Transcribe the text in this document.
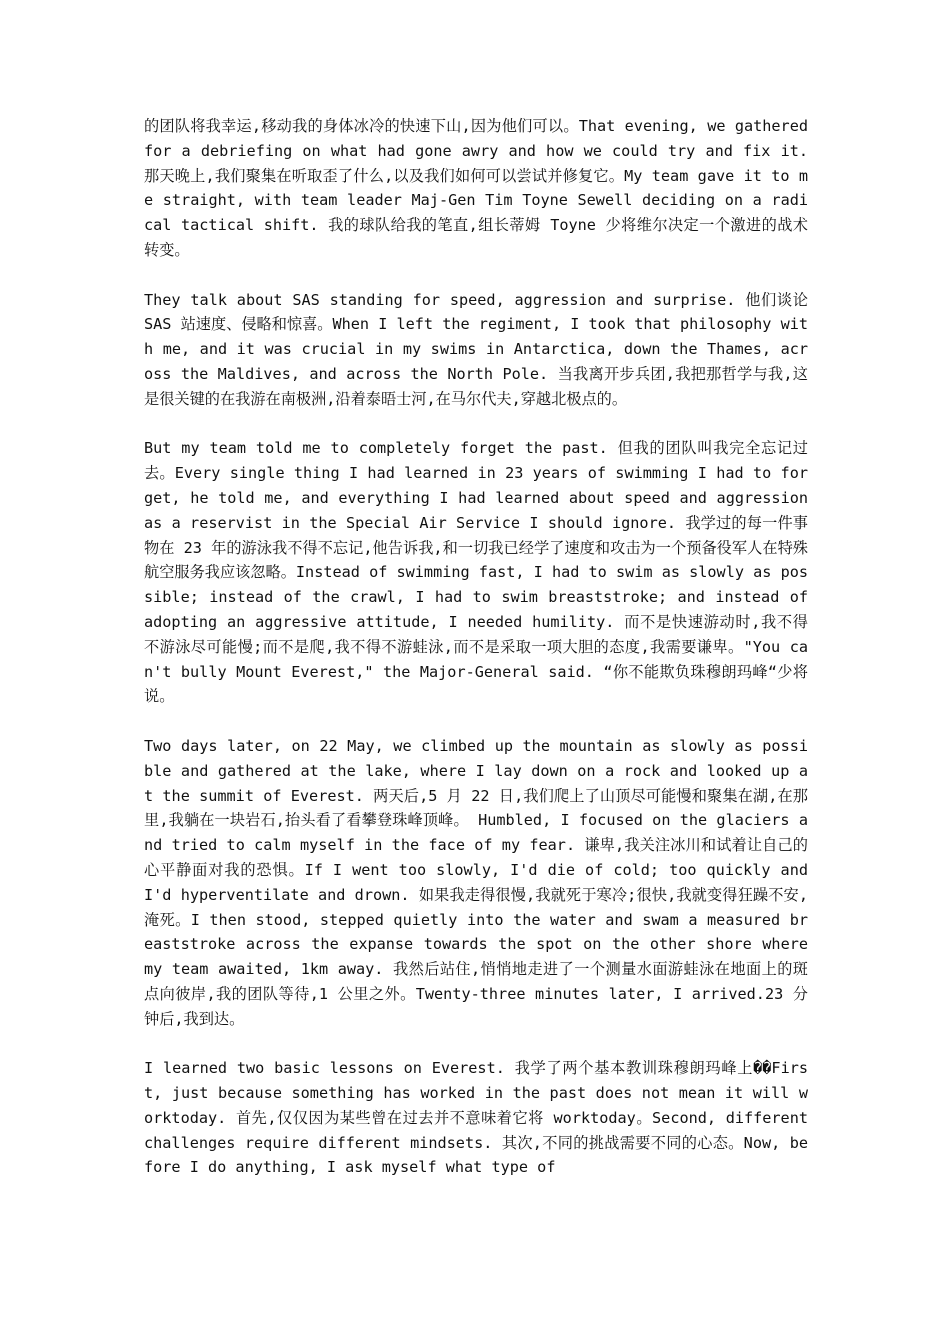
的团队将我幸运,移动我的身体冰冷的快速下山,因为他们可以。That evening, we gathered for a debriefing on what had gone awry and how we could try and fix it. 那天晚上,我们聚集在听取歪了什么,以及我们如何可以尝试并修复它。My team gave it to me straight, with team leader Maj-Gen Tim Toyne Sewell deciding on a radical tactical shift. 我的球队给我的笔直,组长蒂姆 Toyne 少将维尔决定一个激进的战术转变。

They talk about SAS standing for speed, aggression and surprise. 他们谈论 SAS 站速度、侵略和惊喜。When I left the regiment, I took that philosophy with me, and it was crucial in my swims in Antarctica, down the Thames, across the Maldives, and across the North Pole. 当我离开步兵团,我把那哲学与我,这是很关键的在我游在南极洲,沿着泰晤士河,在马尔代夫,穿越北极点的。

But my team told me to completely forget the past. 但我的团队叫我完全忘记过去。Every single thing I had learned in 23 years of swimming I had to forget, he told me, and everything I had learned about speed and aggression as a reservist in the Special Air Service I should ignore. 我学过的每一件事物在 23 年的游泳我不得不忘记,他告诉我,和一切我已经学了速度和攻击为一个预备役军人在特殊航空服务我应该忽略。Instead of swimming fast, I had to swim as slowly as possible; instead of the crawl, I had to swim breaststroke; and instead of adopting an aggressive attitude, I needed humility. 而不是快速游动时,我不得不游泳尽可能慢;而不是爬,我不得不游蛙泳,而不是采取一项大胆的态度,我需要谦卑。"You can't bully Mount Everest," the Major-General said. “你不能欺负珠穆朗玛峰“少将说。

Two days later, on 22 May, we climbed up the mountain as slowly as possible and gathered at the lake, where I lay down on a rock and looked up at the summit of Everest. 两天后,5 月 22 日,我们爬上了山顶尽可能慢和聚集在湖,在那里,我躺在一块岩石,抬头看了看攀登珠峰顶峰。 Humbled, I focused on the glaciers and tried to calm myself in the face of my fear. 谦卑,我关注冰川和试着让自己的心平静面对我的恐惧。If I went too slowly, I'd die of cold; too quickly and I'd hyperventilate and drown. 如果我走得很慢,我就死于寒冷;很快,我就变得狂躁不安,淹死。I then stood, stepped quietly into the water and swam a measured breaststroke across the expanse towards the spot on the other shore where my team awaited, 1km away. 我然后站住,悄悄地走进了一个测量水面游蛙泳在地面上的斑点向彼岸,我的团队等待,1 公里之外。Twenty-three minutes later, I arrived.23 分钟后,我到达。

I learned two basic lessons on Everest. 我学了两个基本教训珠穆朗玛峰上��First, just because something has worked in the past does not mean it will worktoday. 首先,仅仅因为某些曾在过去并不意味着它将 worktoday。Second, different challenges require different mindsets. 其次,不同的挑战需要不同的心态。Now, before I do anything, I ask myself what type of
